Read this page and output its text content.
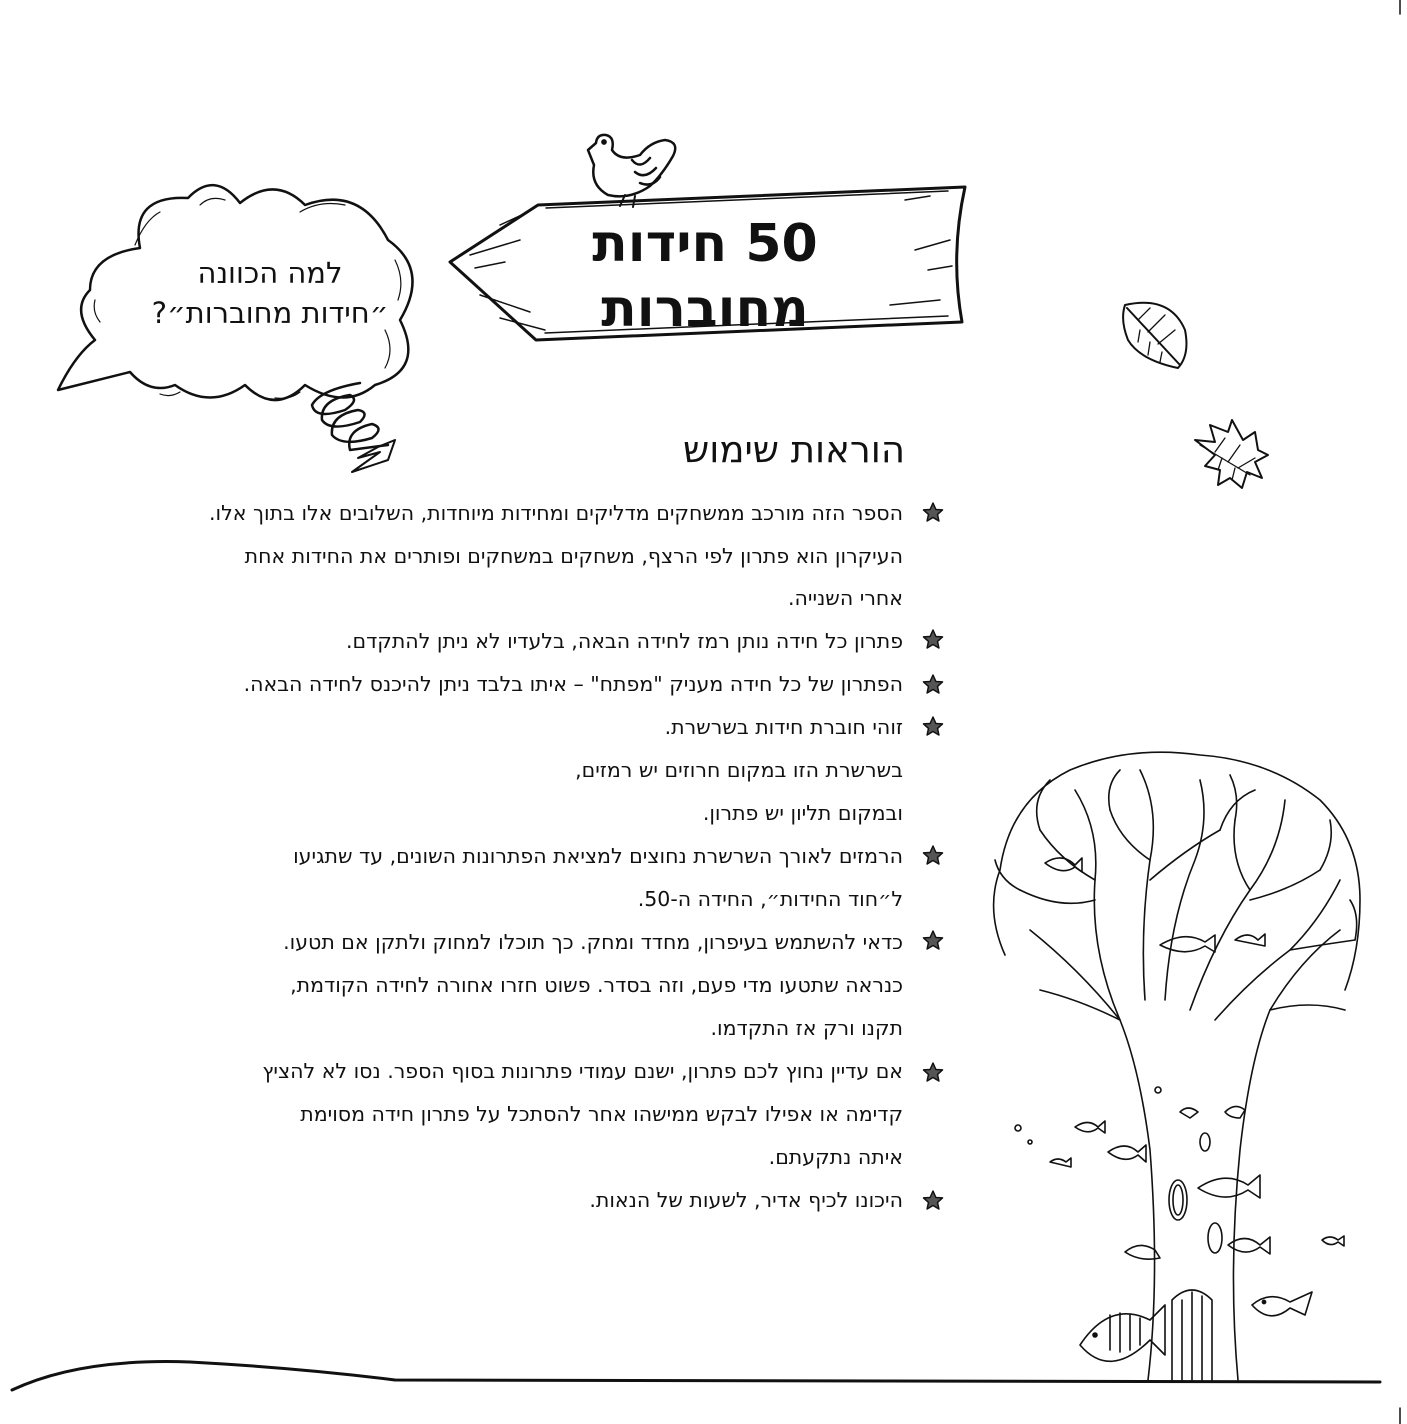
50 חידות
מחוברות
למה הכוונה
״חידות מחוברות״?
הוראות שימוש
הספר הזה מורכב ממשחקים מדליקים ומחידות מיוחדות, השלובים אלו בתוך אלו.
העיקרון הוא פתרון לפי הרצף, משחקים במשחקים ופותרים את החידות אחת
אחרי השנייה.
פתרון כל חידה נותן רמז לחידה הבאה, בלעדיו לא ניתן להתקדם.
הפתרון של כל חידה מעניק "מפתח" – איתו בלבד ניתן להיכנס לחידה הבאה.
זוהי חוברת חידות בשרשרת.
בשרשרת הזו במקום חרוזים יש רמזים,
ובמקום תליון יש פתרון.
הרמזים לאורך השרשרת נחוצים למציאת הפתרונות השונים, עד שתגיעו
ל״חוד החידות״, החידה ה-50.
כדאי להשתמש בעיפרון, מחדד ומחק. כך תוכלו למחוק ולתקן אם תטעו.
כנראה שתטעו מדי פעם, וזה בסדר. פשוט חזרו אחורה לחידה הקודמת,
תקנו ורק אז התקדמו.
אם עדיין נחוץ לכם פתרון, ישנם עמודי פתרונות בסוף הספר. נסו לא להציץ
קדימה או אפילו לבקש ממישהו אחר להסתכל על פתרון חידה מסוימת
איתה נתקעתם.
היכונו לכיף אדיר, לשעות של הנאות.
